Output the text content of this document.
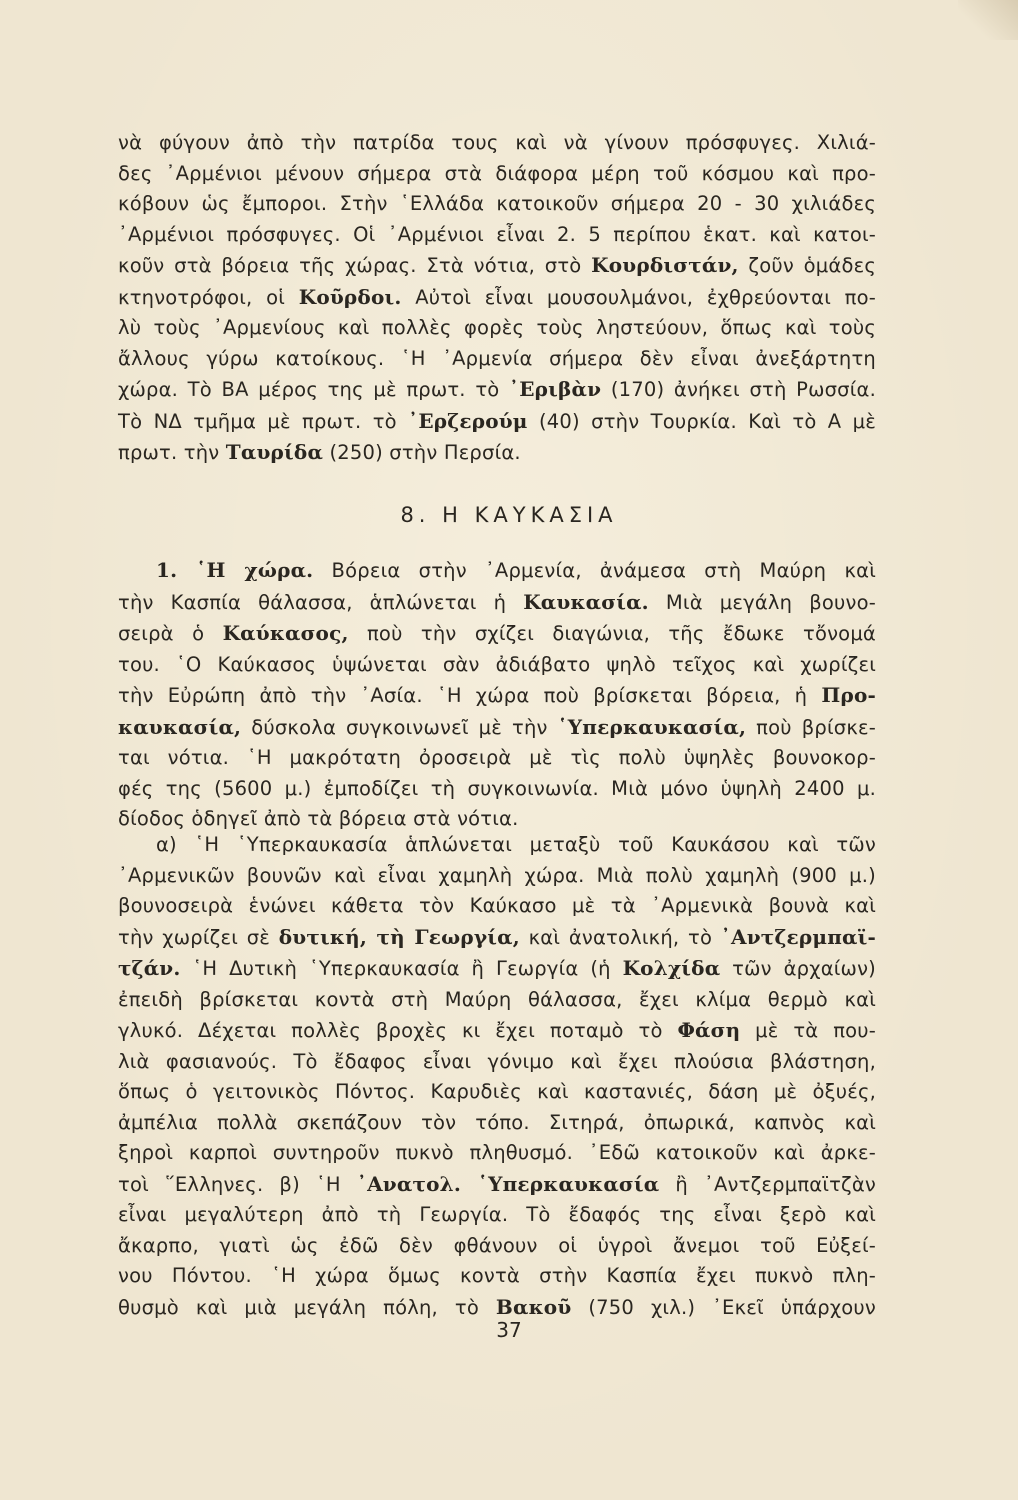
νὰ φύγουν ἀπὸ τὴν πατρίδα τους καὶ νὰ γίνουν πρόσφυγες. Χιλιά-
δες ᾿Αρμένιοι μένουν σήμερα στὰ διάφορα μέρη τοῦ κόσμου καὶ προ-
κόβουν ὡς ἔμποροι. Στὴν ῾Ελλάδα κατοικοῦν σήμερα 20 - 30 χιλιάδες
᾿Αρμένιοι πρόσφυγες. Οἱ ᾿Αρμένιοι εἶναι 2. 5 περίπου ἑκατ. καὶ κατοι-
κοῦν στὰ βόρεια τῆς χώρας. Στὰ νότια, στὸ Κουρδιστάν, ζοῦν ὁμάδες
κτηνοτρόφοι, οἱ Κοῦρδοι. Αὐτοὶ εἶναι μουσουλμάνοι, ἐχθρεύονται πο-
λὺ τοὺς ᾿Αρμενίους καὶ πολλὲς φορὲς τοὺς ληστεύουν, ὅπως καὶ τοὺς
ἄλλους γύρω κατοίκους. ῾Η ᾿Αρμενία σήμερα δὲν εἶναι ἀνεξάρτητη
χώρα. Τὸ ΒΑ μέρος της μὲ πρωτ. τὸ ᾿Εριβὰν (170) ἀνήκει στὴ Ρωσσία.
Τὸ ΝΔ τμῆμα μὲ πρωτ. τὸ ᾿Ερζερούμ (40) στὴν Τουρκία. Καὶ τὸ Α μὲ
πρωτ. τὴν Ταυρίδα (250) στὴν Περσία.
8. Η ΚΑΥΚΑΣΙΑ
1. ῾Η χώρα. Βόρεια στὴν ᾿Αρμενία, ἀνάμεσα στὴ Μαύρη καὶ
τὴν Κασπία θάλασσα, ἁπλώνεται ἡ Καυκασία. Μιὰ μεγάλη βουνο-
σειρὰ ὁ Καύκασος, ποὺ τὴν σχίζει διαγώνια, τῆς ἔδωκε τὄνομά
του. ῾Ο Καύκασος ὑψώνεται σὰν ἀδιάβατο ψηλὸ τεῖχος καὶ χωρίζει
τὴν Εὐρώπη ἀπὸ τὴν ᾿Ασία. ῾Η χώρα ποὺ βρίσκεται βόρεια, ἡ Προ-
καυκασία, δύσκολα συγκοινωνεῖ μὲ τὴν ῾Υπερκαυκασία, ποὺ βρίσκε-
ται νότια. ῾Η μακρότατη ὀροσειρὰ μὲ τὶς πολὺ ὑψηλὲς βουνοκορ-
φές της (5600 μ.) ἐμποδίζει τὴ συγκοινωνία. Μιὰ μόνο ὑψηλὴ 2400 μ.
δίοδος ὁδηγεῖ ἀπὸ τὰ βόρεια στὰ νότια.
α) ῾Η ῾Υπερκαυκασία ἁπλώνεται μεταξὺ τοῦ Καυκάσου καὶ τῶν
᾿Αρμενικῶν βουνῶν καὶ εἶναι χαμηλὴ χώρα. Μιὰ πολὺ χαμηλὴ (900 μ.)
βουνοσειρὰ ἑνώνει κάθετα τὸν Καύκασο μὲ τὰ ᾿Αρμενικὰ βουνὰ καὶ
τὴν χωρίζει σὲ δυτική, τὴ Γεωργία, καὶ ἀνατολική, τὸ ᾿Αντζερμπαϊ-
τζάν. ῾Η Δυτικὴ ῾Υπερκαυκασία ἢ Γεωργία (ἡ Κολχίδα τῶν ἀρχαίων)
ἐπειδὴ βρίσκεται κοντὰ στὴ Μαύρη θάλασσα, ἔχει κλίμα θερμὸ καὶ
γλυκό. Δέχεται πολλὲς βροχὲς κι ἔχει ποταμὸ τὸ Φάση μὲ τὰ που-
λιὰ φασιανούς. Τὸ ἔδαφος εἶναι γόνιμο καὶ ἔχει πλούσια βλάστηση,
ὅπως ὁ γειτονικὸς Πόντος. Καρυδιὲς καὶ καστανιές, δάση μὲ ὀξυές,
ἀμπέλια πολλὰ σκεπάζουν τὸν τόπο. Σιτηρά, ὀπωρικά, καπνὸς καὶ
ξηροὶ καρποὶ συντηροῦν πυκνὸ πληθυσμό. ᾿Εδῶ κατοικοῦν καὶ ἀρκε-
τοὶ ῞Ελληνες. β) ῾Η ᾿Ανατολ. ῾Υπερκαυκασία ἢ ᾿Αντζερμπαϊτζὰν
εἶναι μεγαλύτερη ἀπὸ τὴ Γεωργία. Τὸ ἔδαφός της εἶναι ξερὸ καὶ
ἄκαρπο, γιατὶ ὡς ἐδῶ δὲν φθάνουν οἱ ὑγροὶ ἄνεμοι τοῦ Εὐξεί-
νου Πόντου. ῾Η χώρα ὅμως κοντὰ στὴν Κασπία ἔχει πυκνὸ πλη-
θυσμὸ καὶ μιὰ μεγάλη πόλη, τὸ Βακοῦ (750 χιλ.) ᾿Εκεῖ ὑπάρχουν
37
